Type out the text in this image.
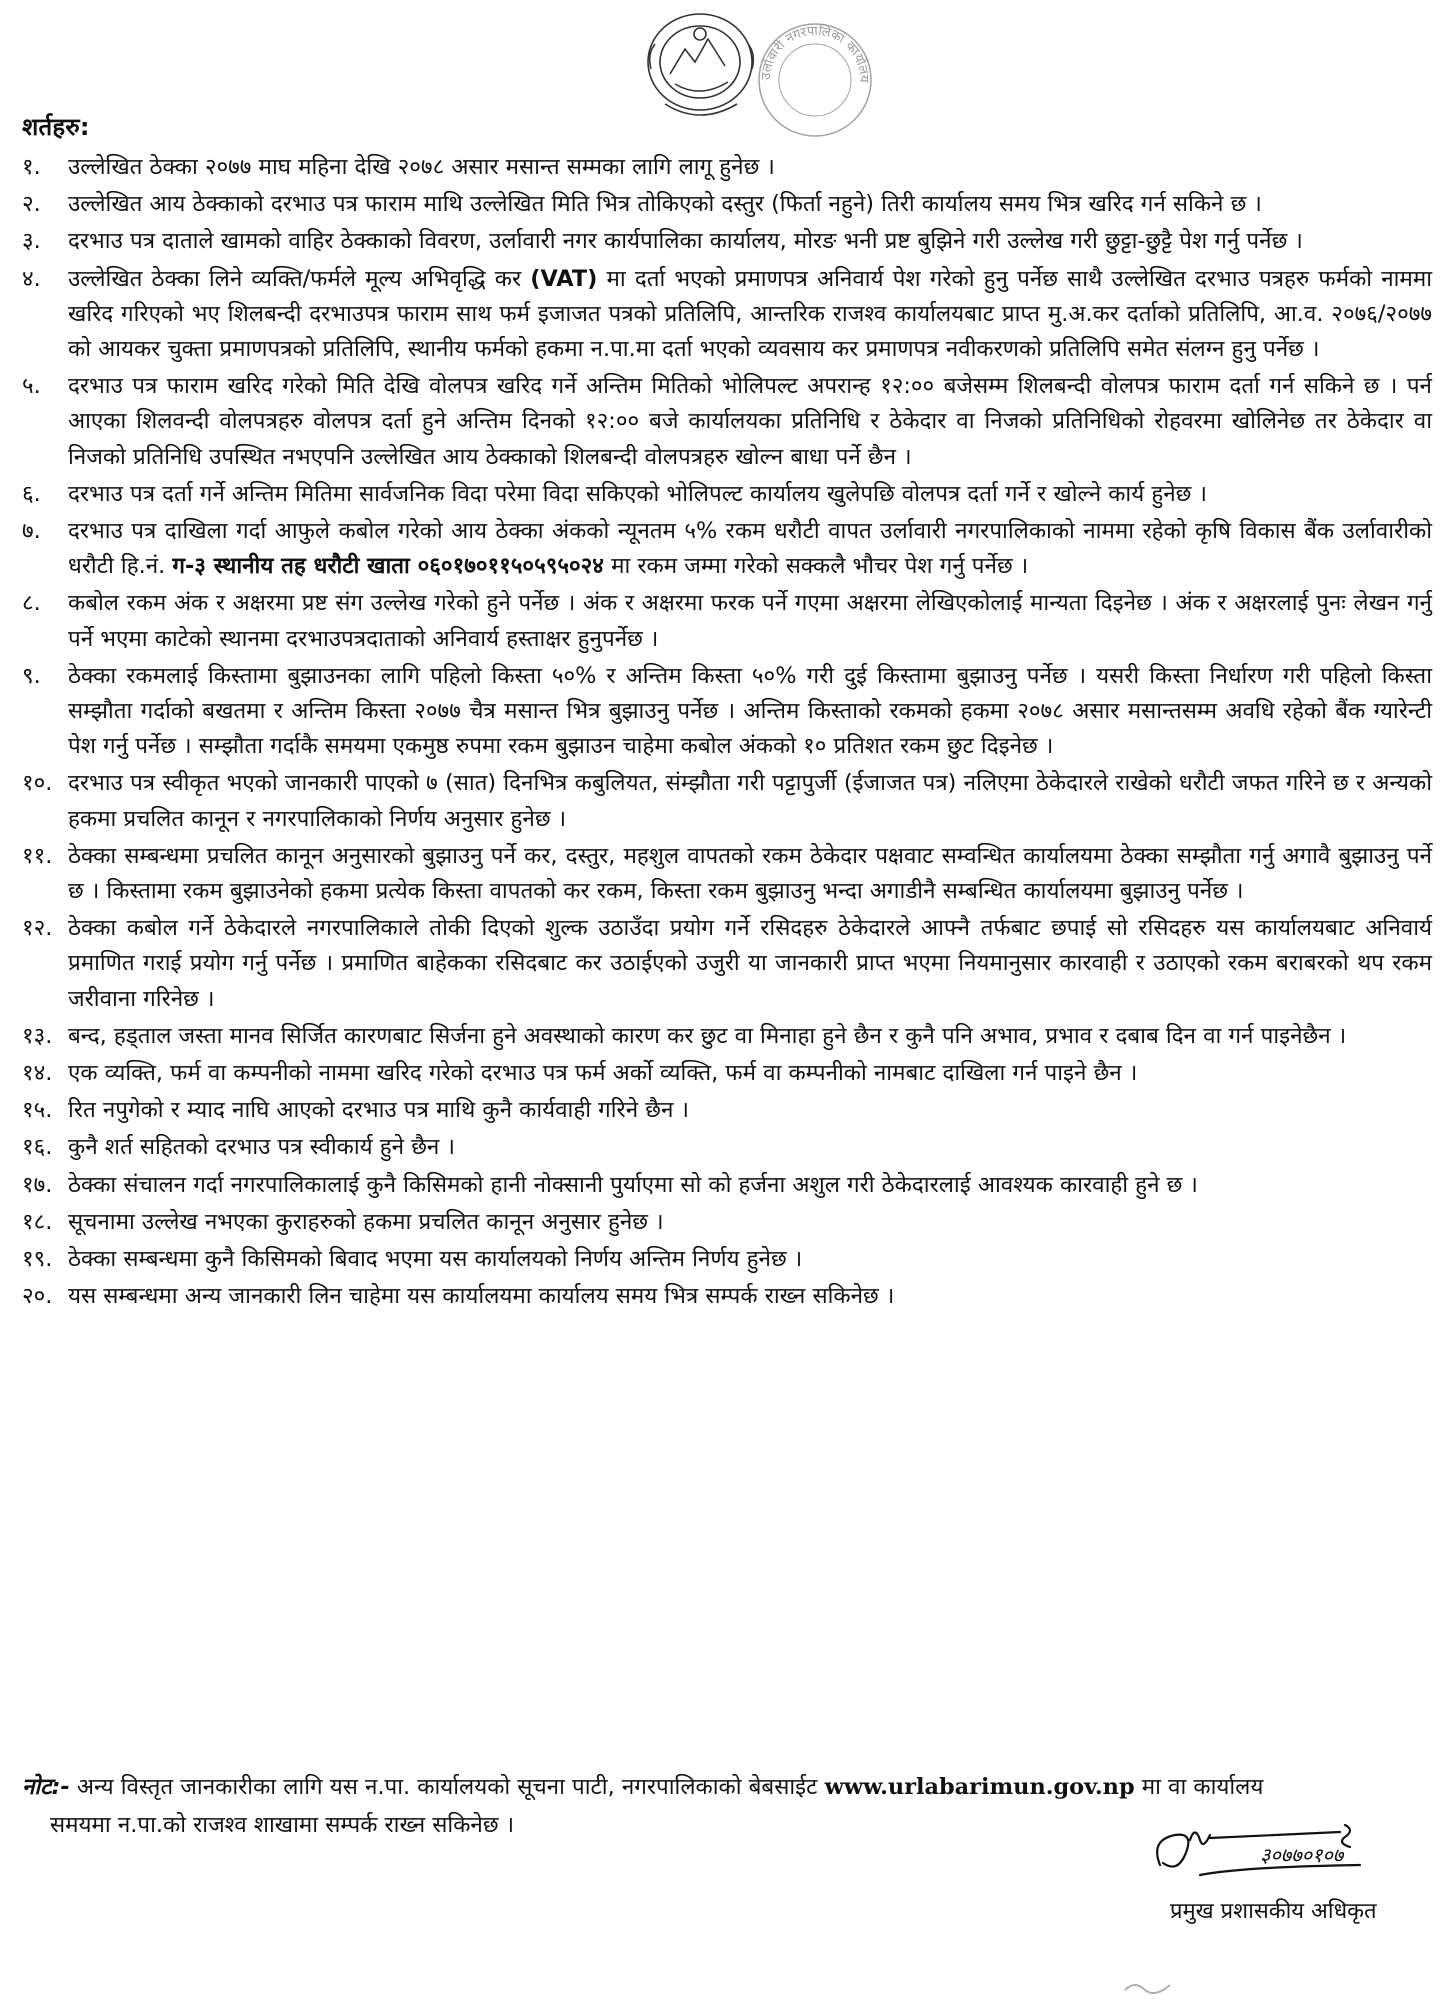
उर्लावारी नगरपालिका कार्यालय
शर्तहरु:
१.	उल्लेखित ठेक्का २०७७ माघ महिना देखि २०७८ असार मसान्त सम्मका लागि लागू हुनेछ ।
२.	उल्लेखित आय ठेक्काको दरभाउ पत्र फाराम माथि उल्लेखित मिति भित्र तोकिएको दस्तुर (फिर्ता नहुने) तिरी कार्यालय समय भित्र खरिद गर्न सकिने छ ।
३.	दरभाउ पत्र दाताले खामको वाहिर ठेक्काको विवरण, उर्लावारी नगर कार्यपालिका कार्यालय, मोरङ भनी प्रष्ट बुझिने गरी उल्लेख गरी छुट्टा-छुट्टै पेश गर्नु पर्नेछ ।
४.	उल्लेखित ठेक्का लिने व्यक्ति/फर्मले मूल्य अभिवृद्धि कर (VAT) मा दर्ता भएको प्रमाणपत्र अनिवार्य पेश गरेको हुनु पर्नेछ साथै उल्लेखित दरभाउ पत्रहरु फर्मको नाममा खरिद गरिएको भए शिलबन्दी दरभाउपत्र फाराम साथ फर्म इजाजत पत्रको प्रतिलिपि, आन्तरिक राजश्व कार्यालयबाट प्राप्त मु.अ.कर दर्ताको प्रतिलिपि, आ.व. २०७६/२०७७ को आयकर चुक्ता प्रमाणपत्रको प्रतिलिपि, स्थानीय फर्मको हकमा न.पा.मा दर्ता भएको व्यवसाय कर प्रमाणपत्र नवीकरणको प्रतिलिपि समेत संलग्न हुनु पर्नेछ ।
५.	दरभाउ पत्र फाराम खरिद गरेको मिति देखि वोलपत्र खरिद गर्ने अन्तिम मितिको भोलिपल्ट अपरान्ह १२:०० बजेसम्म शिलबन्दी वोलपत्र फाराम दर्ता गर्न सकिने छ । पर्न आएका शिलवन्दी वोलपत्रहरु वोलपत्र दर्ता हुने अन्तिम दिनको १२:०० बजे कार्यालयका प्रतिनिधि र ठेकेदार वा निजको प्रतिनिधिको रोहवरमा खोलिनेछ तर ठेकेदार वा निजको प्रतिनिधि उपस्थित नभएपनि उल्लेखित आय ठेक्काको शिलबन्दी वोलपत्रहरु खोल्न बाधा पर्ने छैन ।
६.	दरभाउ पत्र दर्ता गर्ने अन्तिम मितिमा सार्वजनिक विदा परेमा विदा सकिएको भोलिपल्ट कार्यालय खुलेपछि वोलपत्र दर्ता गर्ने र खोल्ने कार्य हुनेछ ।
७.	दरभाउ पत्र दाखिला गर्दा आफुले कबोल गरेको आय ठेक्का अंकको न्यूनतम ५% रकम धरौटी वापत उर्लावारी नगरपालिकाको नाममा रहेको कृषि विकास बैंक उर्लावारीको धरौटी हि.नं. ग-३ स्थानीय तह धरौटी खाता ०६०१७०११५०५९५०२४ मा रकम जम्मा गरेको सक्कलै भौचर पेश गर्नु पर्नेछ ।
८.	कबोल रकम अंक र अक्षरमा प्रष्ट संग उल्लेख गरेको हुने पर्नेछ । अंक र अक्षरमा फरक पर्ने गएमा अक्षरमा लेखिएकोलाई मान्यता दिइनेछ । अंक र अक्षरलाई पुनः लेखन गर्नु पर्ने भएमा काटेको स्थानमा दरभाउपत्रदाताको अनिवार्य हस्ताक्षर हुनुपर्नेछ ।
९.	ठेक्का रकमलाई किस्तामा बुझाउनका लागि पहिलो किस्ता ५०% र अन्तिम किस्ता ५०% गरी दुई किस्तामा बुझाउनु पर्नेछ । यसरी किस्ता निर्धारण गरी पहिलो किस्ता सम्झौता गर्दाको बखतमा र अन्तिम किस्ता २०७७ चैत्र मसान्त भित्र बुझाउनु पर्नेछ । अन्तिम किस्ताको रकमको हकमा २०७८ असार मसान्तसम्म अवधि रहेको बैंक ग्यारेन्टी पेश गर्नु पर्नेछ । सम्झौता गर्दाकै समयमा एकमुष्ठ रुपमा रकम बुझाउन चाहेमा कबोल अंकको १० प्रतिशत रकम छुट दिइनेछ ।
१०. दरभाउ पत्र स्वीकृत भएको जानकारी पाएको ७ (सात) दिनभित्र कबुलियत, संम्झौता गरी पट्टापुर्जी (ईजाजत पत्र) नलिएमा ठेकेदारले राखेको धरौटी जफत गरिने छ र अन्यको हकमा प्रचलित कानून र नगरपालिकाको निर्णय अनुसार हुनेछ ।
११. ठेक्का सम्बन्धमा प्रचलित कानून अनुसारको बुझाउनु पर्ने कर, दस्तुर, महशुल वापतको रकम ठेकेदार पक्षवाट सम्वन्धित कार्यालयमा ठेक्का सम्झौता गर्नु अगावै बुझाउनु पर्ने छ । किस्तामा रकम बुझाउनेको हकमा प्रत्येक किस्ता वापतको कर रकम, किस्ता रकम बुझाउनु भन्दा अगाडीनै सम्बन्धित कार्यालयमा बुझाउनु पर्नेछ ।
१२. ठेक्का कबोल गर्ने ठेकेदारले नगरपालिकाले तोकी दिएको शुल्क उठाउँदा प्रयोग गर्ने रसिदहरु ठेकेदारले आफ्नै तर्फबाट छपाई सो रसिदहरु यस कार्यालयबाट अनिवार्य प्रमाणित गराई प्रयोग गर्नु पर्नेछ । प्रमाणित बाहेकका रसिदबाट कर उठाईएको उजुरी या जानकारी प्राप्त भएमा नियमानुसार कारवाही र उठाएको रकम बराबरको थप रकम जरीवाना गरिनेछ ।
१३. बन्द, हड्ताल जस्ता मानव सिर्जित कारणबाट सिर्जना हुने अवस्थाको कारण कर छुट वा मिनाहा हुने छैन र कुनै पनि अभाव, प्रभाव र दबाब दिन वा गर्न पाइनेछैन ।
१४. एक व्यक्ति, फर्म वा कम्पनीको नाममा खरिद गरेको दरभाउ पत्र फर्म अर्को व्यक्ति, फर्म वा कम्पनीको नामबाट दाखिला गर्न पाइने छैन ।
१५. रित नपुगेको र म्याद नाघि आएको दरभाउ पत्र माथि कुनै कार्यवाही गरिने छैन ।
१६. कुनै शर्त सहितको दरभाउ पत्र स्वीकार्य हुने छैन ।
१७. ठेक्का संचालन गर्दा नगरपालिकालाई कुनै किसिमको हानी नोक्सानी पुर्याएमा सो को हर्जना अशुल गरी ठेकेदारलाई आवश्यक कारवाही हुने छ ।
१८. सूचनामा उल्लेख नभएका कुराहरुको हकमा प्रचलित कानून अनुसार हुनेछ ।
१९. ठेक्का सम्बन्धमा कुनै किसिमको बिवाद भएमा यस कार्यालयको निर्णय अन्तिम निर्णय हुनेछ ।
२०. यस सम्बन्धमा अन्य जानकारी लिन चाहेमा यस कार्यालयमा कार्यालय समय भित्र सम्पर्क राख्न सकिनेछ ।
नोट:- अन्य विस्तृत जानकारीका लागि यस न.पा. कार्यालयको सूचना पाटी, नगरपालिकाको बेबसाईट www.urlabarimun.gov.np मा वा कार्यालय
समयमा न.पा.को राजश्व शाखामा सम्पर्क राख्न सकिनेछ ।
३०७७०१०७
प्रमुख प्रशासकीय अधिकृत
